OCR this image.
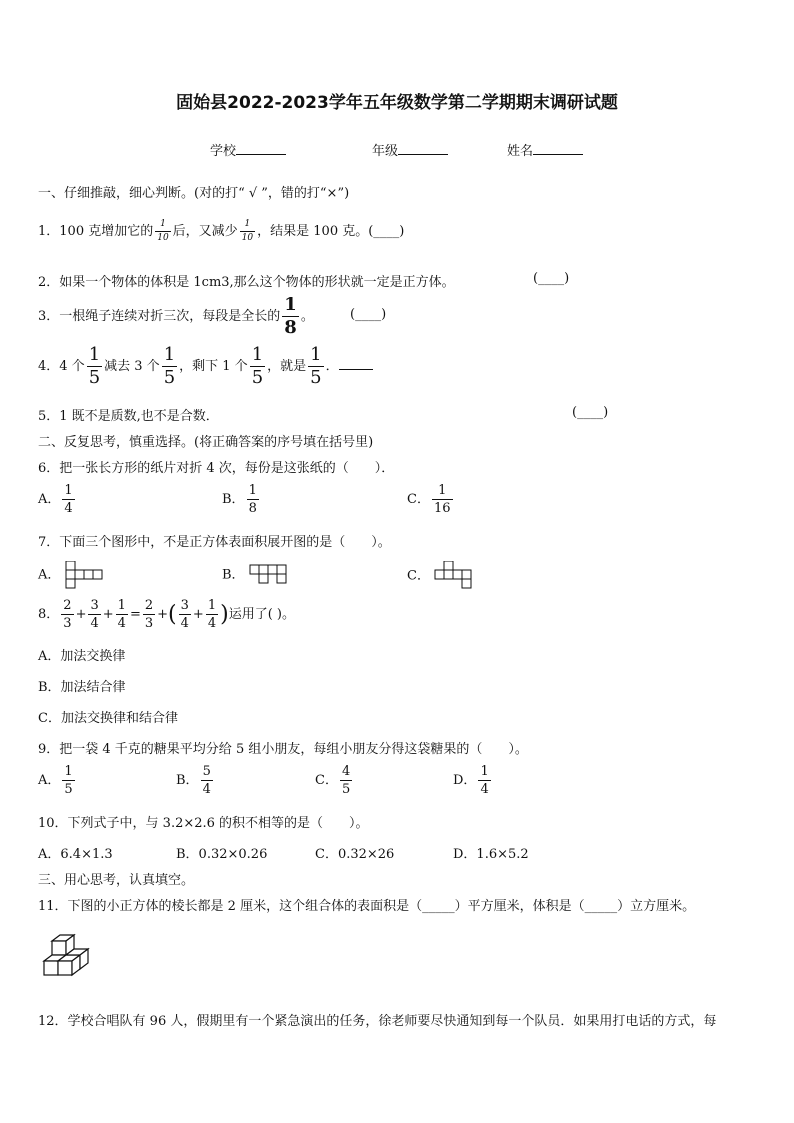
固始县2022-2023学年五年级数学第二学期期末调研试题
学校	年级	姓名
一、仔细推敲，细心判断。(对的打“ √ ”，错的打“×”)
1．100 克增加它的 $\frac{1}{10}$ 后，又减少 $\frac{1}{10}$ ，结果是 100 克。(____)
2．如果一个物体的体积是 1cm3,那么这个物体的形状就一定是正方体。	(____)
3．一根绳子连续对折三次，每段是全长的 $\frac{1}{8}$ 。	(____)
4．4 个 $\frac{1}{5}$ 减去 3 个 $\frac{1}{5}$ ，剩下 1 个 $\frac{1}{5}$ ，就是 $\frac{1}{5}$ ．
5．1 既不是质数,也不是合数．	(____)
二、反复思考，慎重选择。(将正确答案的序号填在括号里)
6．把一张长方形的纸片对折 4 次，每份是这张纸的（　　）．
A． $\frac{1}{4}$	B． $\frac{1}{8}$	C． $\frac{1}{16}$
7．下面三个图形中，不是正方体表面积展开图的是（　　）。
A．	B．	C．
8． $\frac{2}{3} + \frac{3}{4} + \frac{1}{4} = \frac{2}{3}$ +( $\frac{3}{4} + \frac{1}{4}$ )运用了( )。
A．加法交换律
B．加法结合律
C．加法交换律和结合律
9．把一袋 4 千克的糖果平均分给 5 组小朋友，每组小朋友分得这袋糖果的（　　）。
A． $\frac{1}{5}$	B． $\frac{5}{4}$	C． $\frac{4}{5}$	D． $\frac{1}{4}$
10．下列式子中，与 3.2×2.6 的积不相等的是（　　）。
A．6.4×1.3	B．0.32×0.26	C．0.32×26	D．1.6×5.2
三、用心思考，认真填空。
11．下图的小正方体的棱长都是 2 厘米，这个组合体的表面积是（_____）平方厘米，体积是（_____）立方厘米。
12．学校合唱队有 96 人，假期里有一个紧急演出的任务，徐老师要尽快通知到每一个队员．如果用打电话的方式，每
